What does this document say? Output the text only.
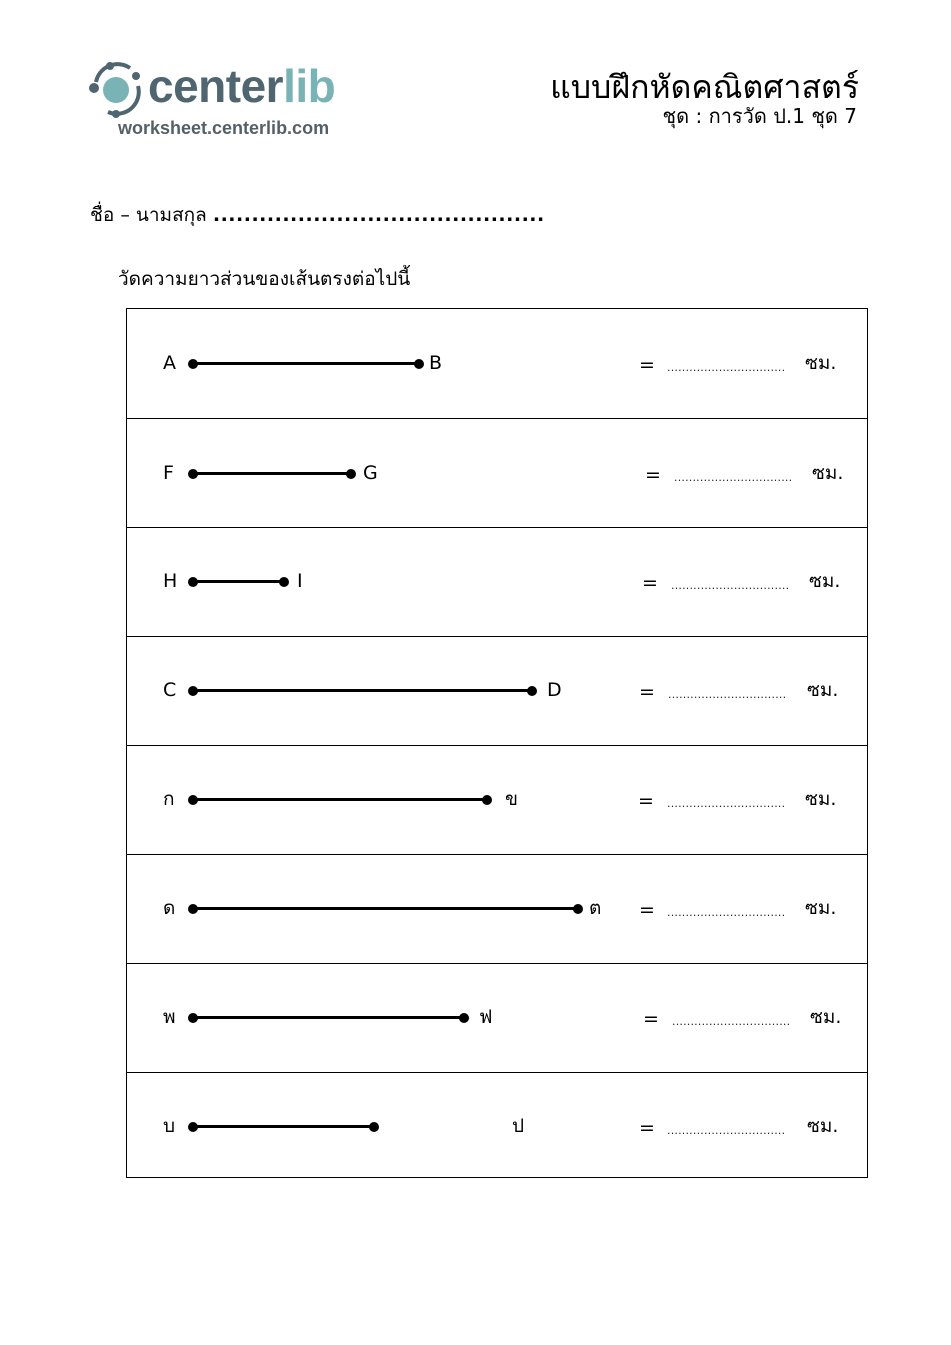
centerlib
worksheet.centerlib.com
แบบฝึกหัดคณิตศาสตร์
ชุด : การวัด ป.1 ชุด 7
ชื่อ – นามสกุล ...........................................
วัดความยาวส่วนของเส้นตรงต่อไปนี้
A	B	= ................................ ซม.
F	G	= ................................ ซม.
H	I	= ................................ ซม.
C	D	= ................................ ซม.
ก	ข	= ................................ ซม.
ด	ต = ................................ ซม.
พ	ฟ	= ................................ ซม.
บ	ป	= ................................ ซม.
